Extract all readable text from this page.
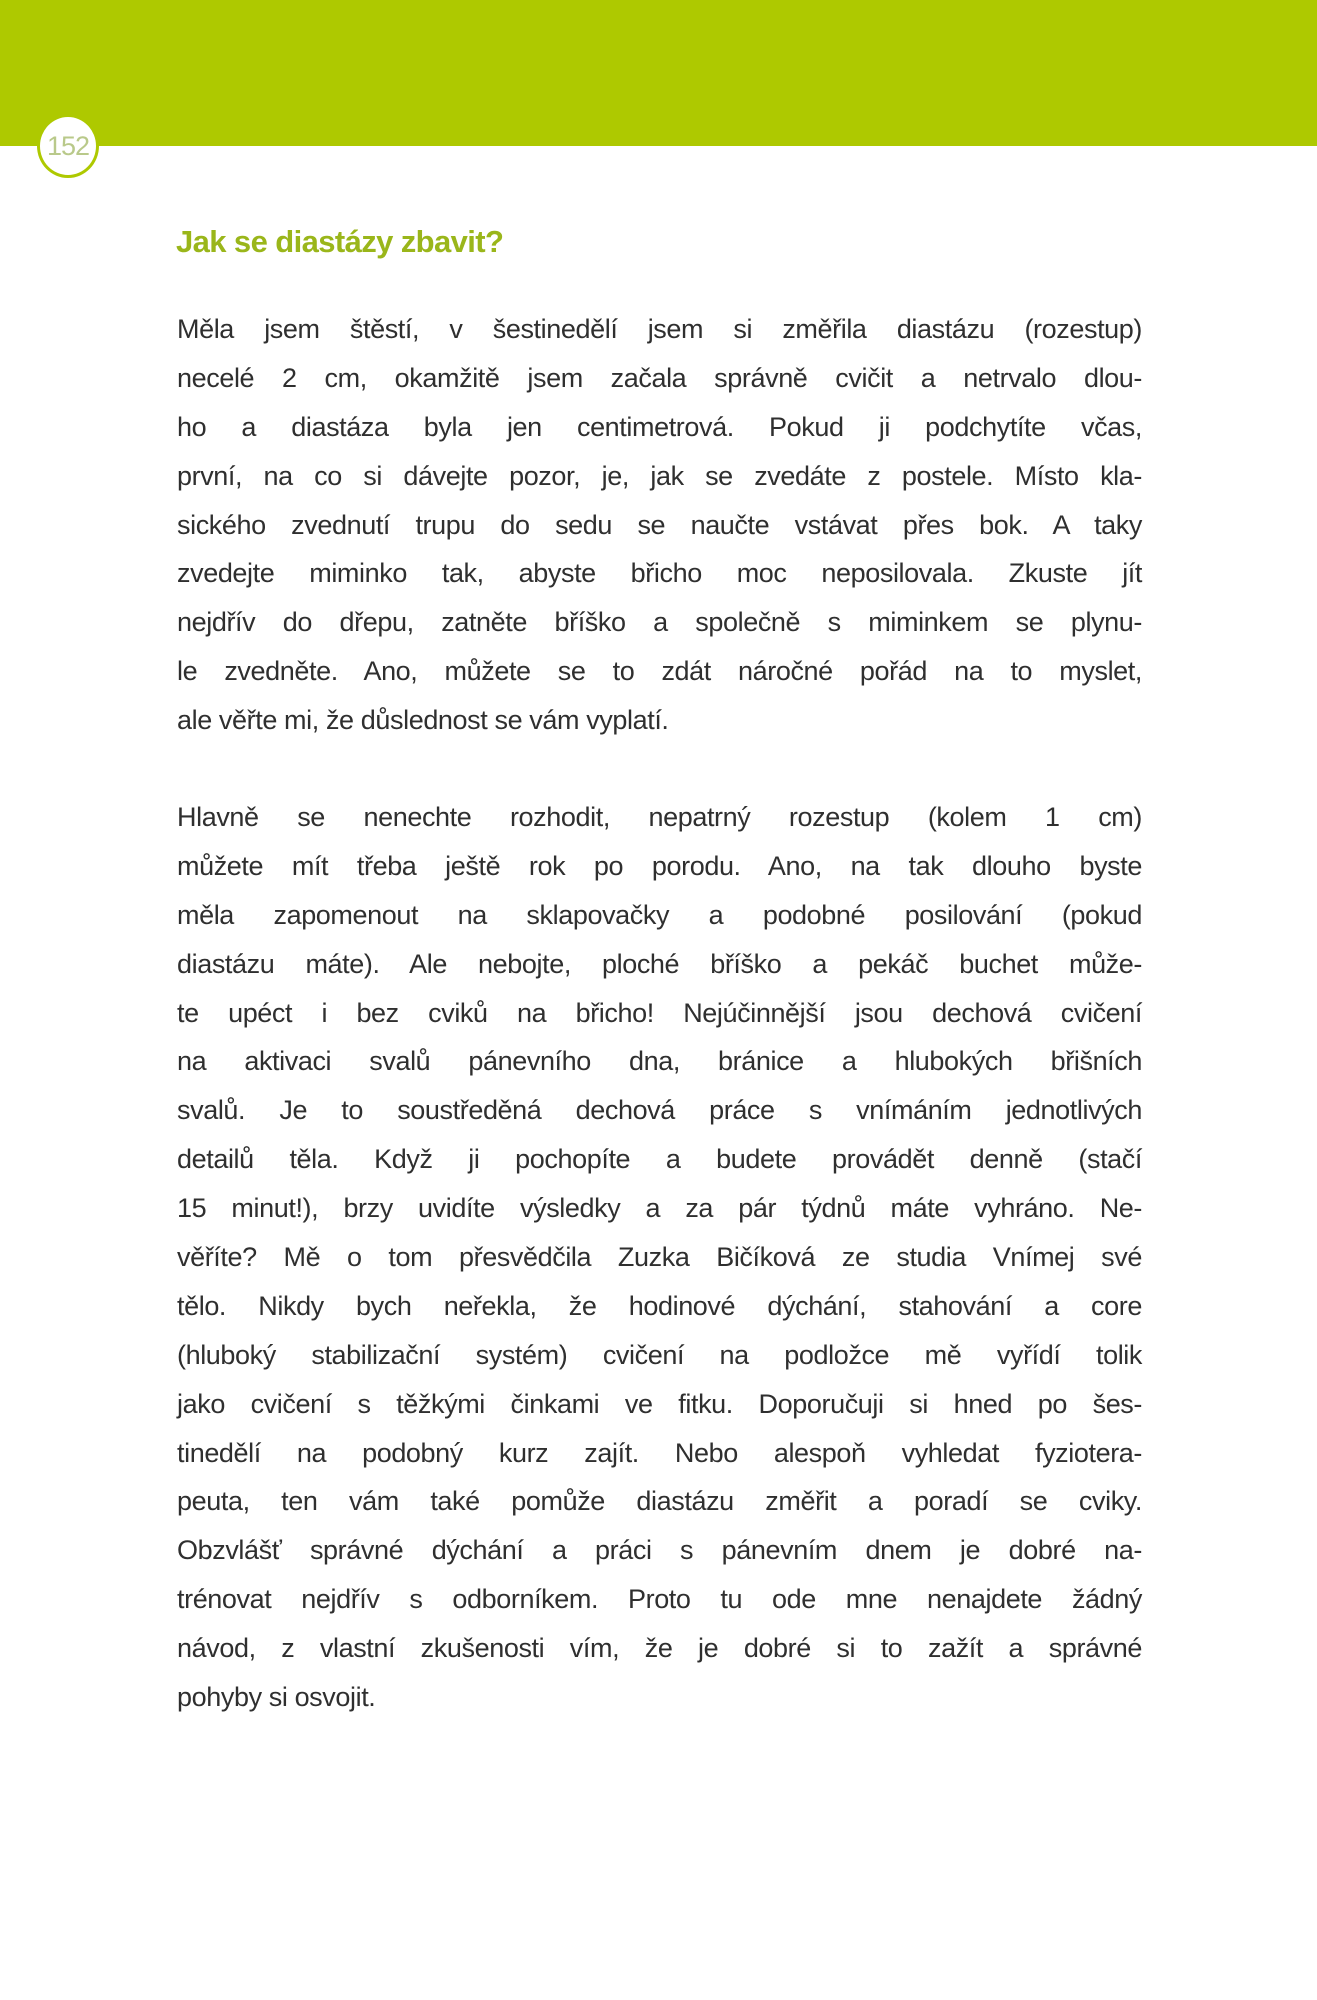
152
Jak se diastázy zbavit?
Měla jsem štěstí, v šestinedělí jsem si změřila diastázu (rozestup)
necelé 2 cm, okamžitě jsem začala správně cvičit a netrvalo dlou-
ho a diastáza byla jen centimetrová. Pokud ji podchytíte včas,
první, na co si dávejte pozor, je, jak se zvedáte z postele. Místo kla-
sického zvednutí trupu do sedu se naučte vstávat přes bok. A taky
zvedejte miminko tak, abyste břicho moc neposilovala. Zkuste jít
nejdřív do dřepu, zatněte bříško a společně s miminkem se plynu-
le zvedněte. Ano, můžete se to zdát náročné pořád na to myslet,
ale věřte mi, že důslednost se vám vyplatí.
Hlavně se nenechte rozhodit, nepatrný rozestup (kolem 1 cm)
můžete mít třeba ještě rok po porodu. Ano, na tak dlouho byste
měla zapomenout na sklapovačky a podobné posilování (pokud
diastázu máte). Ale nebojte, ploché bříško a pekáč buchet může-
te upéct i bez cviků na břicho! Nejúčinnější jsou dechová cvičení
na aktivaci svalů pánevního dna, bránice a hlubokých břišních
svalů. Je to soustředěná dechová práce s vnímáním jednotlivých
detailů těla. Když ji pochopíte a budete provádět denně (stačí
15 minut!), brzy uvidíte výsledky a za pár týdnů máte vyhráno. Ne-
věříte? Mě o tom přesvědčila Zuzka Bičíková ze studia Vnímej své
tělo. Nikdy bych neřekla, že hodinové dýchání, stahování a core
(hluboký stabilizační systém) cvičení na podložce mě vyřídí tolik
jako cvičení s těžkými činkami ve fitku. Doporučuji si hned po šes-
tinedělí na podobný kurz zajít. Nebo alespoň vyhledat fyziotera-
peuta, ten vám také pomůže diastázu změřit a poradí se cviky.
Obzvlášť správné dýchání a práci s pánevním dnem je dobré na-
trénovat nejdřív s odborníkem. Proto tu ode mne nenajdete žádný
návod, z vlastní zkušenosti vím, že je dobré si to zažít a správné
pohyby si osvojit.
